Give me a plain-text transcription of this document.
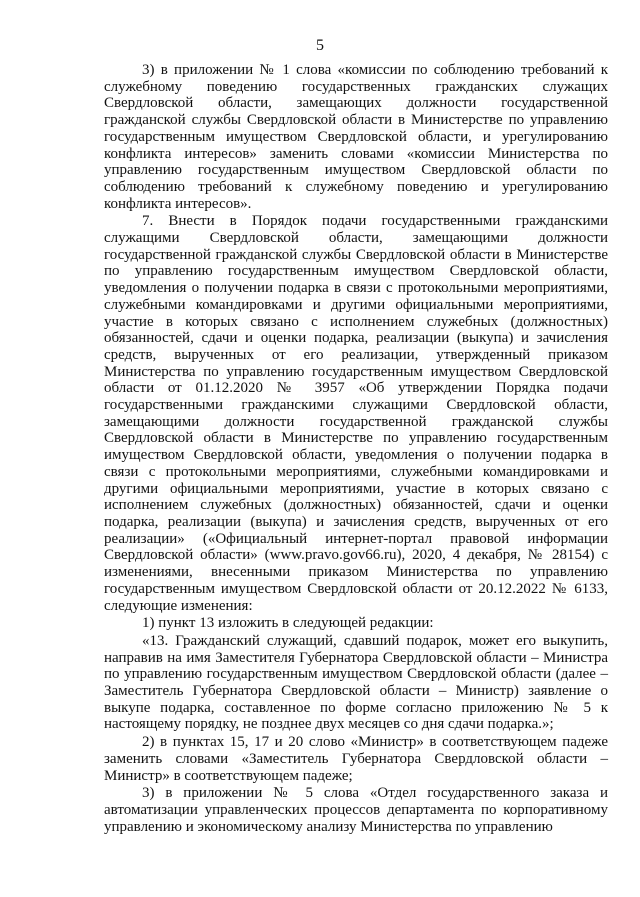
5

3) в приложении № 1 слова «комиссии по соблюдению требований к служебному поведению государственных гражданских служащих Свердловской области, замещающих должности государственной гражданской службы Свердловской области в Министерстве по управлению государственным имуществом Свердловской области, и урегулированию конфликта интересов» заменить словами «комиссии Министерства по управлению государственным имуществом Свердловской области по соблюдению требований к служебному поведению и урегулированию конфликта интересов».

7. Внести в Порядок подачи государственными гражданскими служащими Свердловской области, замещающими должности государственной гражданской службы Свердловской области в Министерстве по управлению государственным имуществом Свердловской области, уведомления о получении подарка в связи с протокольными мероприятиями, служебными командировками и другими официальными мероприятиями, участие в которых связано с исполнением служебных (должностных) обязанностей, сдачи и оценки подарка, реализации (выкупа) и зачисления средств, вырученных от его реализации, утвержденный приказом Министерства по управлению государственным имуществом Свердловской области от 01.12.2020 № 3957 «Об утверждении Порядка подачи государственными гражданскими служащими Свердловской области, замещающими должности государственной гражданской службы Свердловской области в Министерстве по управлению государственным имуществом Свердловской области, уведомления о получении подарка в связи с протокольными мероприятиями, служебными командировками и другими официальными мероприятиями, участие в которых связано с исполнением служебных (должностных) обязанностей, сдачи и оценки подарка, реализации (выкупа) и зачисления средств, вырученных от его реализации» («Официальный интернет-портал правовой информации Свердловской области» (www.pravo.gov66.ru), 2020, 4 декабря, № 28154) с изменениями, внесенными приказом Министерства по управлению государственным имуществом Свердловской области от 20.12.2022 № 6133, следующие изменения:

1) пункт 13 изложить в следующей редакции:

«13. Гражданский служащий, сдавший подарок, может его выкупить, направив на имя Заместителя Губернатора Свердловской области – Министра по управлению государственным имуществом Свердловской области (далее – Заместитель Губернатора Свердловской области – Министр) заявление о выкупе подарка, составленное по форме согласно приложению № 5 к настоящему порядку, не позднее двух месяцев со дня сдачи подарка.»;

2) в пунктах 15, 17 и 20 слово «Министр» в соответствующем падеже заменить словами «Заместитель Губернатора Свердловской области – Министр» в соответствующем падеже;

3) в приложении № 5 слова «Отдел государственного заказа и автоматизации управленческих процессов департамента по корпоративному управлению и экономическому анализу Министерства по управлению
